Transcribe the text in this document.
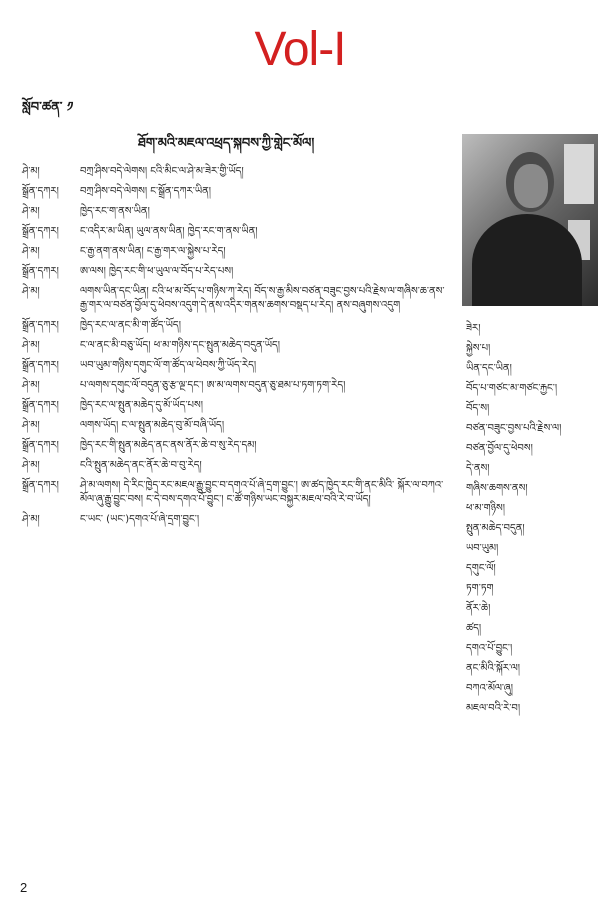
Vol-I
སློབ་ཚན་ ༡
ཐོག་མའི་མཇལ་འཕྲད་སྐབས་ཀྱི་གླེང་མོལ།
ཤེ་མ།	བཀྲ་ཤིས་བདེ་ལེགས། ངའི་མིང་ལ་ཤེ་མ་ཟེར་གྱི་ཡོད།
སྒྲོན་དཀར།	བཀྲ་ཤིས་བདེ་ལེགས། ང་སྒྲོན་དཀར་ཡིན།
ཤེ་མ།	ཁྱེད་རང་ག་ནས་ཡིན།
སྒྲོན་དཀར།	ང་འདིར་མ་ཡིན། ཡུལ་ནས་ཡིན། ཁྱེད་རང་ག་ནས་ཡིན།
ཤེ་མ།	ང་རྒྱ་ནག་ནས་ཡིན། ང་རྒྱ་གར་ལ་སྐྱེས་པ་རེད།
སྒྲོན་དཀར།	ཨ་ལས། ཁྱེད་རང་གི་ཕ་ཡུལ་ལ་བོད་པ་རེད་པས།
ཤེ་མ།	ལགས་ཡིན་དང་ཡིན། ངའི་ཕ་མ་བོད་པ་གཉིས་ཀ་རེད། བོད་ས་རྒྱ་མིས་བཙན་བཟུང་བྱས་པའི་རྗེས་ལ་གཞིས་ཆ་ནས་རྒྱ་གར་ལ་བཙན་བྱོལ་དུ་ཕེབས་འདུག་དེ་ནས་འདིར་གནས་ཆགས་བསྡད་པ་རེད། ནས་བཞུགས་འདུག
སྒྲོན་དཀར།	ཁྱེད་རང་ལ་ནང་མི་ག་ཚོད་ཡོད།
ཤེ་མ།	ང་ལ་ནང་མི་བཅུ་ཡོད། ཕ་མ་གཉིས་དང་སྤུན་མཆེད་བདུན་ཡོད།
སྒྲོན་དཀར།	ཡབ་ཡུམ་གཉིས་དགུང་ལོ་ག་ཚོད་ལ་ཕེབས་ཀྱི་ཡོད་རེད།
ཤེ་མ།	པ་ལགས་དགུང་ལོ་བདུན་ཅུ་རྩ་ལྔ་དང་། ཨ་མ་ལགས་བདུན་ཅུ་ཐམ་པ་ཏག་ཏག་རེད།
སྒྲོན་དཀར།	ཁྱེད་རང་ལ་སྤུན་མཆེད་དུ་མོ་ཡོད་པས།
ཤེ་མ།	ལགས་ཡོད། ང་ལ་སྤུན་མཆེད་བུ་མོ་བཞི་ཡོད།
སྒྲོན་དཀར།	ཁྱེད་རང་གི་སྤུན་མཆེད་ནང་ནས་ནོར་ཆེ་བ་སུ་རེད་དམ།
ཤེ་མ།	ངའི་སྤུན་མཆེད་ནང་ནོར་ཆེ་བ་བུ་རེད།
སྒྲོན་དཀར།	ཤེ་མ་ལགས། དེ་རིང་ཁྱེད་རང་མཇལ་རྒྱུ་བྱུང་བ་དགའ་པོ་ཞེ་དྲག་བྱུང་། ཨ་ཚད་ཁྱེད་རང་གི་ནང་མིའི་ སྐོར་ལ་བཀའ་མོལ་ཞུ་རྒྱུ་བྱུང་བས། ང་དེ་བས་དགའ་པོ་བྱུང་། ང་ཚོ་གཉིས་ཡང་བསྐྱར་མཇལ་བའི་རེ་བ་ཡོད།
ཤེ་མ།	ང་ཡང་ (ཡང་)དགའ་པོ་ཞེ་དྲག་བྱུང་།
ཟེར།
སྐྱེས་པ།
ཡིན་དང་ཡིན།
བོད་པ་གཙང་མ་གཙང་རྐྱང་།
བོད་ས།
བཙན་བཟུང་བྱས་པའི་རྗེས་ལ།
བཙན་བྱོལ་དུ་ཕེབས།
དེ་ནས།
གཞིས་ཆགས་ནས།
ཕ་མ་གཉིས།
སྤུན་མཆེད་བདུན།
ཡབ་ཡུམ།
དགུང་ལོ།
ཏག་ཏག
ནོར་ཆེ།
ཚད།
དགའ་པོ་བྱུང་།
ནང་མིའི་སྐོར་ལ།
བཀའ་མོལ་ཞུ།
མཇལ་བའི་རེ་བ།
2
